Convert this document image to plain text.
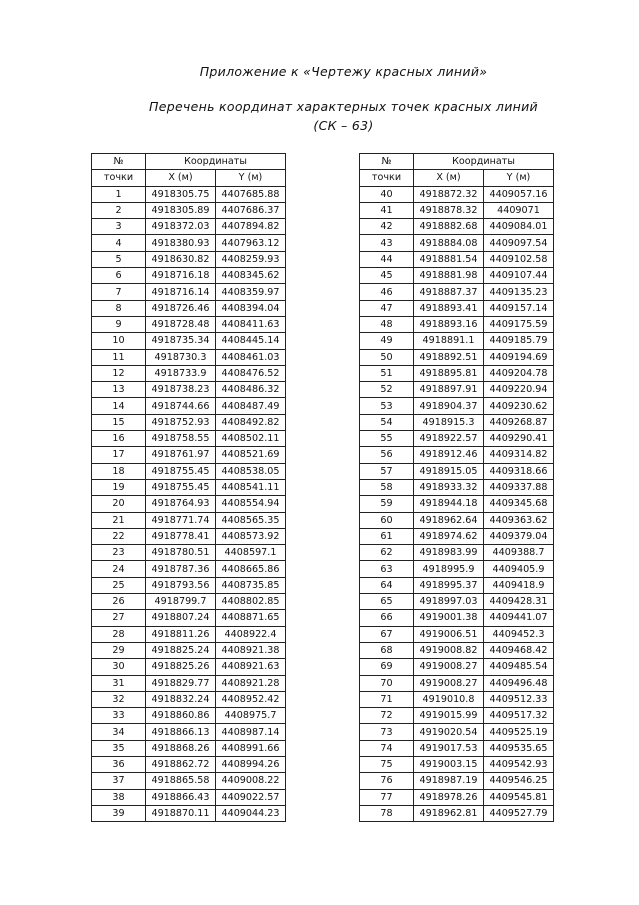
Приложение к «Чертежу красных линий»
Перечень координат характерных точек красных линий
(СК – 63)
№	Координаты	
точки	X (м)	Y (м)
1	4918305.75	4407685.88
2	4918305.89	4407686.37
3	4918372.03	4407894.82
4	4918380.93	4407963.12
5	4918630.82	4408259.93
6	4918716.18	4408345.62
7	4918716.14	4408359.97
8	4918726.46	4408394.04
9	4918728.48	4408411.63
10	4918735.34	4408445.14
11	4918730.3	4408461.03
12	4918733.9	4408476.52
13	4918738.23	4408486.32
14	4918744.66	4408487.49
15	4918752.93	4408492.82
16	4918758.55	4408502.11
17	4918761.97	4408521.69
18	4918755.45	4408538.05
19	4918755.45	4408541.11
20	4918764.93	4408554.94
21	4918771.74	4408565.35
22	4918778.41	4408573.92
23	4918780.51	4408597.1
24	4918787.36	4408665.86
25	4918793.56	4408735.85
26	4918799.7	4408802.85
27	4918807.24	4408871.65
28	4918811.26	4408922.4
29	4918825.24	4408921.38
30	4918825.26	4408921.63
31	4918829.77	4408921.28
32	4918832.24	4408952.42
33	4918860.86	4408975.7
34	4918866.13	4408987.14
35	4918868.26	4408991.66
36	4918862.72	4408994.26
37	4918865.58	4409008.22
38	4918866.43	4409022.57
39	4918870.11	4409044.23
№	Координаты	
точки	X (м)	Y (м)
40	4918872.32	4409057.16
41	4918878.32	4409071
42	4918882.68	4409084.01
43	4918884.08	4409097.54
44	4918881.54	4409102.58
45	4918881.98	4409107.44
46	4918887.37	4409135.23
47	4918893.41	4409157.14
48	4918893.16	4409175.59
49	4918891.1	4409185.79
50	4918892.51	4409194.69
51	4918895.81	4409204.78
52	4918897.91	4409220.94
53	4918904.37	4409230.62
54	4918915.3	4409268.87
55	4918922.57	4409290.41
56	4918912.46	4409314.82
57	4918915.05	4409318.66
58	4918933.32	4409337.88
59	4918944.18	4409345.68
60	4918962.64	4409363.62
61	4918974.62	4409379.04
62	4918983.99	4409388.7
63	4918995.9	4409405.9
64	4918995.37	4409418.9
65	4918997.03	4409428.31
66	4919001.38	4409441.07
67	4919006.51	4409452.3
68	4919008.82	4409468.42
69	4919008.27	4409485.54
70	4919008.27	4409496.48
71	4919010.8	4409512.33
72	4919015.99	4409517.32
73	4919020.54	4409525.19
74	4919017.53	4409535.65
75	4919003.15	4409542.93
76	4918987.19	4409546.25
77	4918978.26	4409545.81
78	4918962.81	4409527.79
